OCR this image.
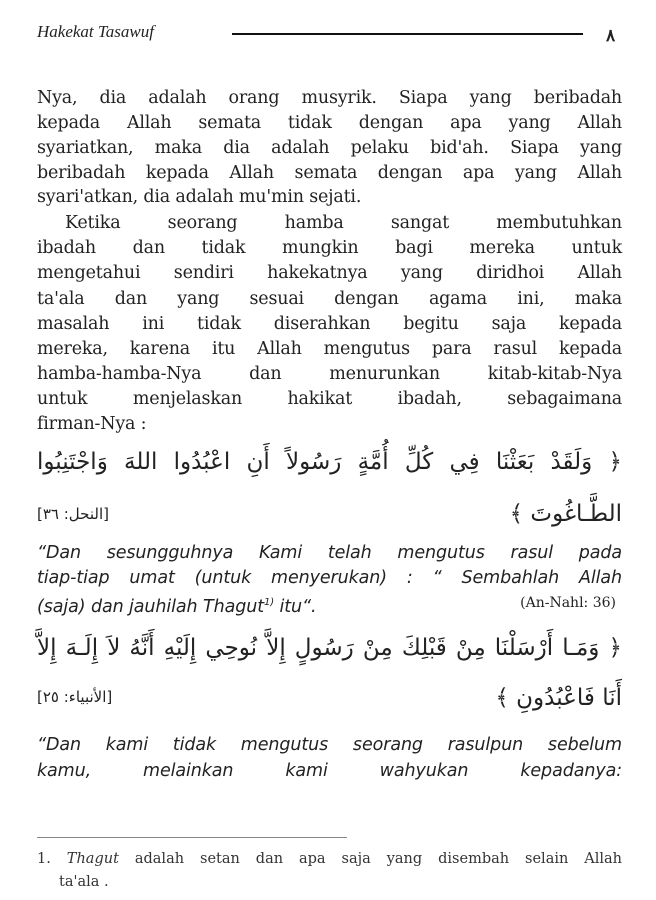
Hakekat Tasawuf	٨
Nya, dia adalah orang musyrik. Siapa yang beribadah
kepada Allah semata tidak dengan apa yang Allah
syariatkan, maka dia adalah pelaku bid'ah. Siapa yang
beribadah kepada Allah semata dengan apa yang Allah
syari'atkan, dia adalah mu'min sejati.
Ketika seorang hamba sangat membutuhkan
ibadah dan tidak mungkin bagi mereka untuk
mengetahui sendiri hakekatnya yang diridhoi Allah
ta'ala dan yang sesuai dengan agama ini, maka
masalah ini tidak diserahkan begitu saja kepada
mereka, karena itu Allah mengutus para rasul kepada
hamba-hamba-Nya dan menurunkan kitab-kitab-Nya
untuk menjelaskan hakikat ibadah, sebagaimana
firman-Nya :
﴿ وَلَقَدْ بَعَثْنَا فِي كُلِّ أُمَّةٍ رَسُولاً أَنِ اعْبُدُوا اللهَ وَاجْتَنِبُوا
الطَّـاغُوتَ ﴾
[النحل: ٣٦]
“Dan sesungguhnya Kami telah mengutus rasul pada
tiap-tiap umat (untuk menyerukan) : “ Sembahlah Allah
(saja) dan jauhilah Thagut$^{1)}$ itu“.	(An-Nahl: 36)
﴿ وَمَـا أَرْسَلْنَا مِنْ قَبْلِكَ مِنْ رَسُولٍ إِلاَّ نُوحِي إِلَيْهِ أَنَّهُ لاَ إِلَـهَ إِلاَّ
أَنَا فَاعْبُدُونِ ﴾
[الأنبياء: ٢٥]
“Dan kami tidak mengutus seorang rasulpun sebelum
kamu, melainkan kami wahyukan kepadanya:
1. Thagut adalah setan dan apa saja yang disembah selain Allah
ta'ala .
